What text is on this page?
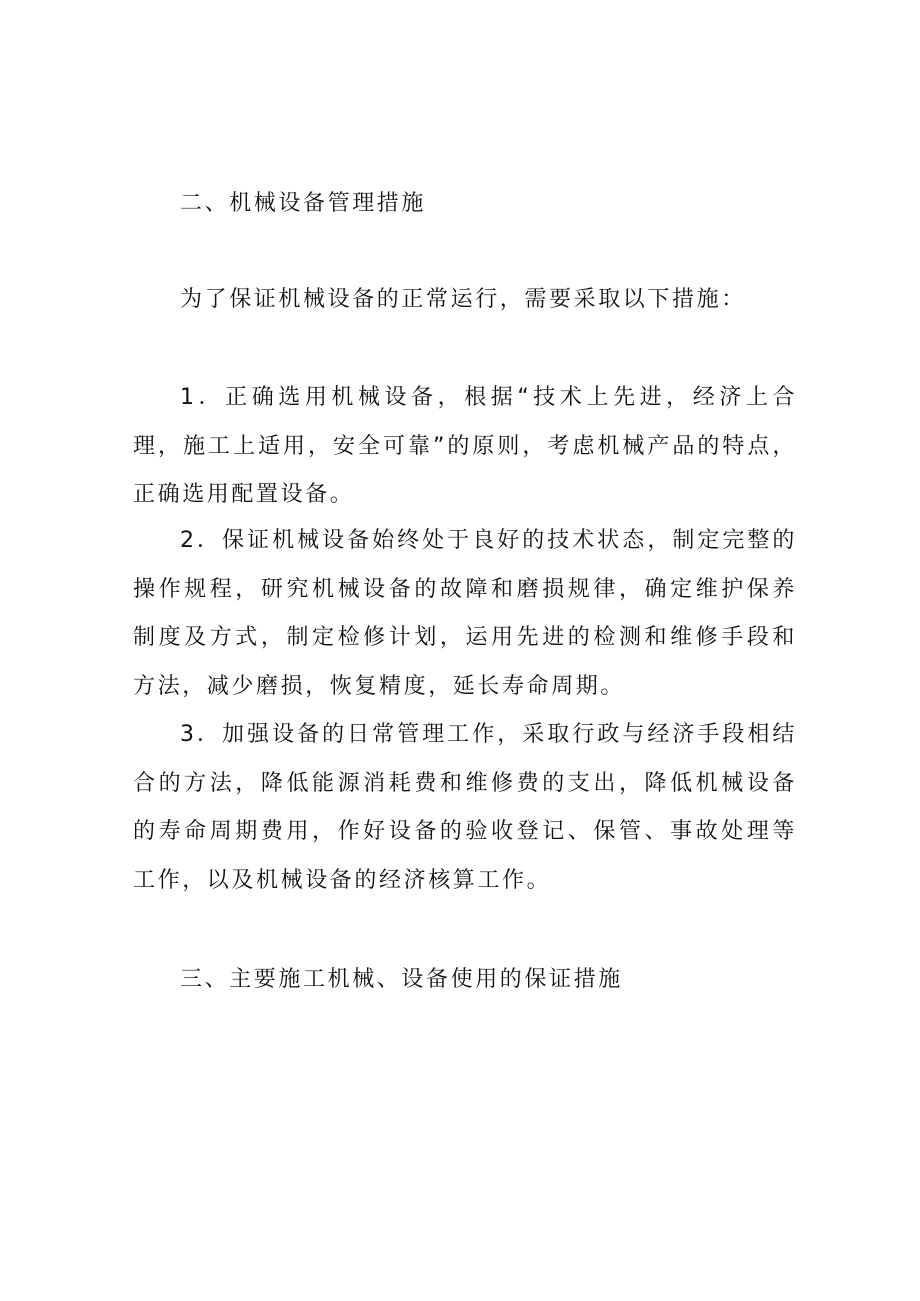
二、机械设备管理措施

为了保证机械设备的正常运行，需要采取以下措施：

1．正确选用机械设备，根据“技术上先进，经济上合理，施工上适用，安全可靠”的原则，考虑机械产品的特点，正确选用配置设备。

2．保证机械设备始终处于良好的技术状态，制定完整的操作规程，研究机械设备的故障和磨损规律，确定维护保养制度及方式，制定检修计划，运用先进的检测和维修手段和方法，减少磨损，恢复精度，延长寿命周期。

3．加强设备的日常管理工作，采取行政与经济手段相结合的方法，降低能源消耗费和维修费的支出，降低机械设备的寿命周期费用，作好设备的验收登记、保管、事故处理等工作，以及机械设备的经济核算工作。

三、主要施工机械、设备使用的保证措施
